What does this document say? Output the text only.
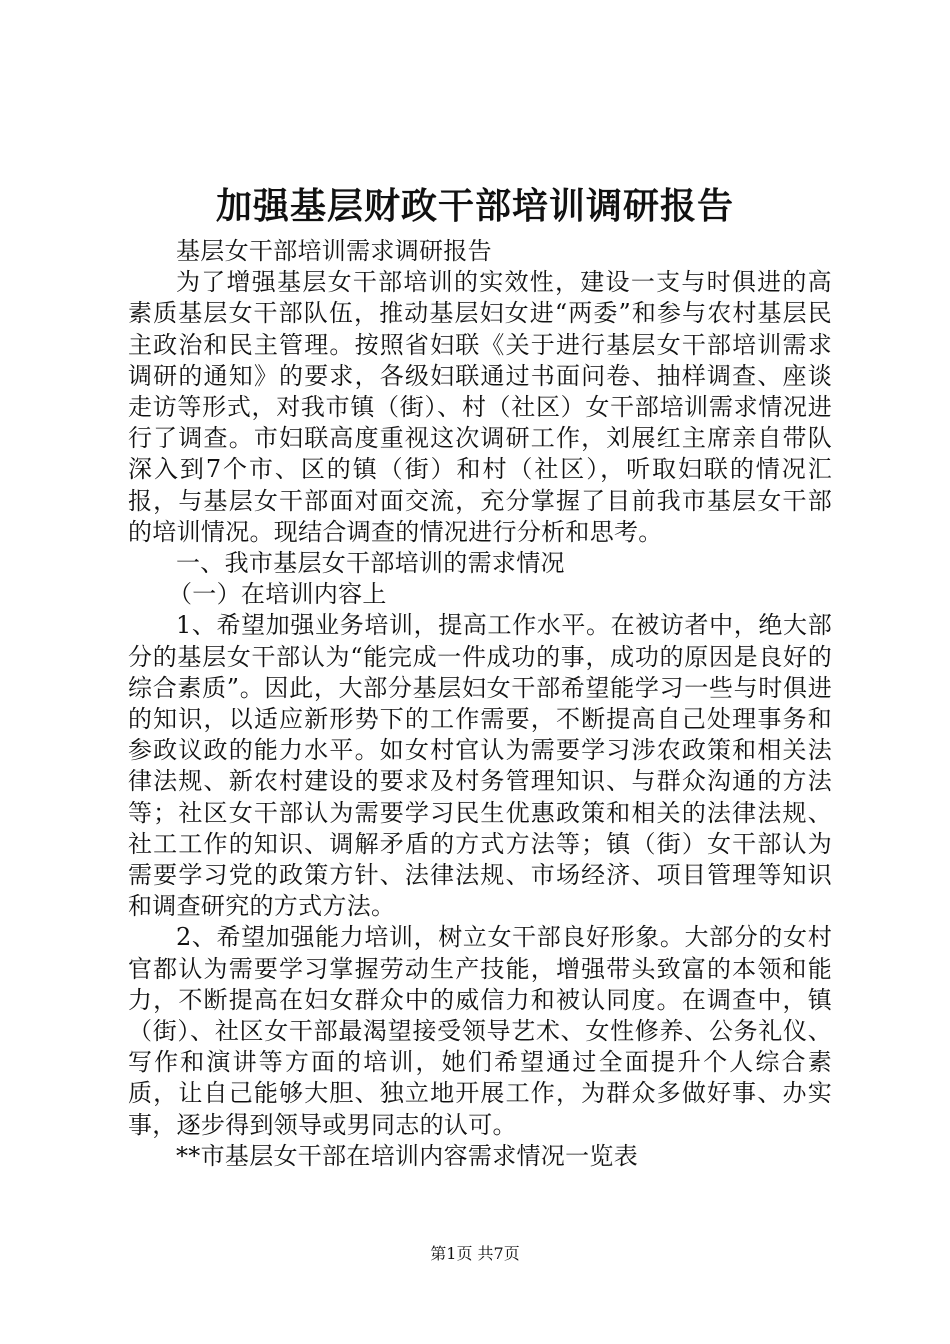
加强基层财政干部培训调研报告

基层女干部培训需求调研报告

为了增强基层女干部培训的实效性，建设一支与时俱进的高素质基层女干部队伍，推动基层妇女进“两委”和参与农村基层民主政治和民主管理。按照省妇联《关于进行基层女干部培训需求调研的通知》的要求，各级妇联通过书面问卷、抽样调查、座谈走访等形式，对我市镇（街）、村（社区）女干部培训需求情况进行了调查。市妇联高度重视这次调研工作，刘展红主席亲自带队深入到7个市、区的镇（街）和村（社区），听取妇联的情况汇报，与基层女干部面对面交流，充分掌握了目前我市基层女干部的培训情况。现结合调查的情况进行分析和思考。

一、我市基层女干部培训的需求情况

（一）在培训内容上

1、希望加强业务培训，提高工作水平。在被访者中，绝大部分的基层女干部认为“能完成一件成功的事，成功的原因是良好的综合素质”。因此，大部分基层妇女干部希望能学习一些与时俱进的知识，以适应新形势下的工作需要，不断提高自己处理事务和参政议政的能力水平。如女村官认为需要学习涉农政策和相关法律法规、新农村建设的要求及村务管理知识、与群众沟通的方法等；社区女干部认为需要学习民生优惠政策和相关的法律法规、社工工作的知识、调解矛盾的方式方法等；镇（街）女干部认为需要学习党的政策方针、法律法规、市场经济、项目管理等知识和调查研究的方式方法。

2、希望加强能力培训，树立女干部良好形象。大部分的女村官都认为需要学习掌握劳动生产技能，增强带头致富的本领和能力，不断提高在妇女群众中的威信力和被认同度。在调查中，镇（街）、社区女干部最渴望接受领导艺术、女性修养、公务礼仪、写作和演讲等方面的培训，她们希望通过全面提升个人综合素质，让自己能够大胆、独立地开展工作，为群众多做好事、办实事，逐步得到领导或男同志的认可。

**市基层女干部在培训内容需求情况一览表

第1页 共7页
